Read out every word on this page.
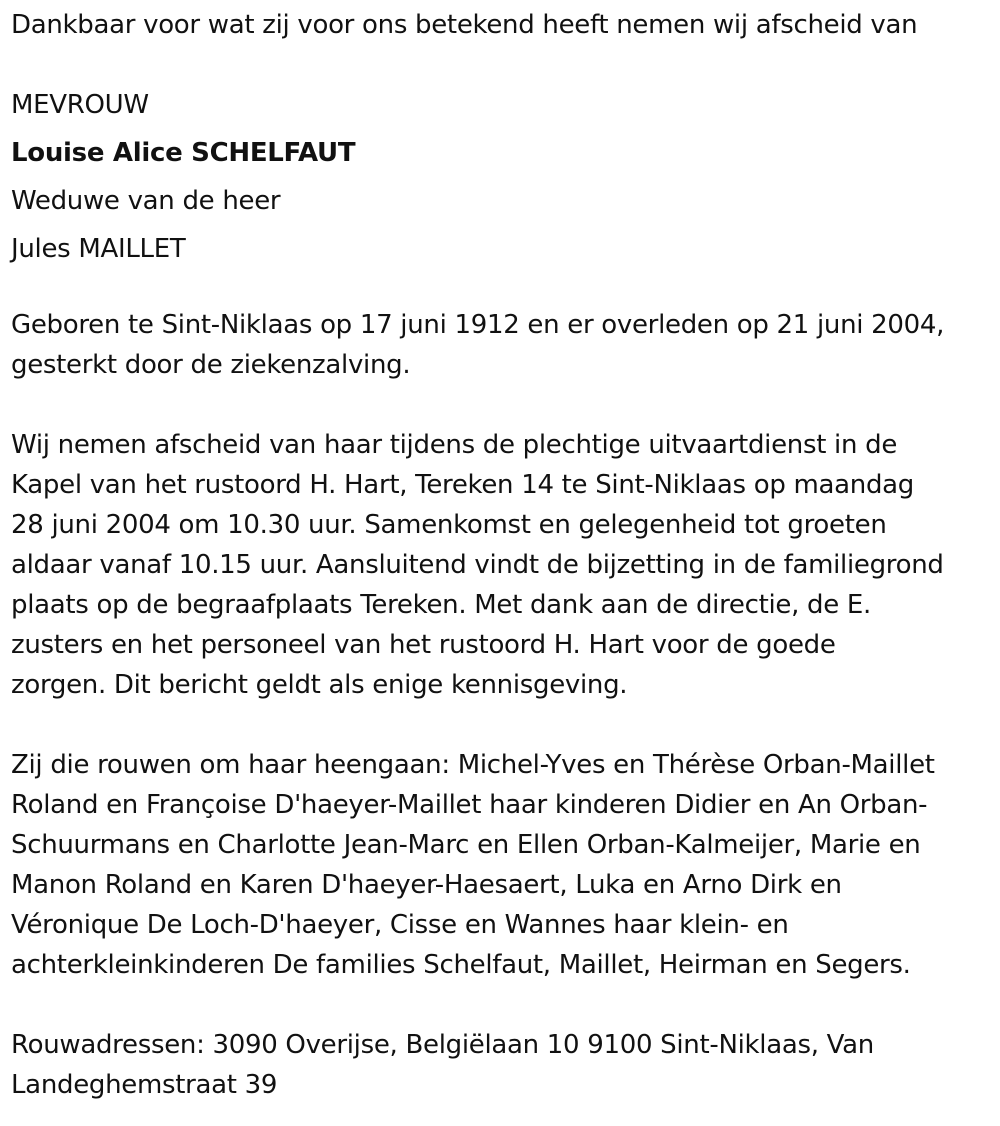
Dankbaar voor wat zij voor ons betekend heeft nemen wij afscheid van
MEVROUW
Louise Alice SCHELFAUT
Weduwe van de heer
Jules MAILLET
Geboren te Sint-Niklaas op 17 juni 1912 en er overleden op 21 juni 2004,
gesterkt door de ziekenzalving.
Wij nemen afscheid van haar tijdens de plechtige uitvaartdienst in de
Kapel van het rustoord H. Hart, Tereken 14 te Sint-Niklaas op maandag
28 juni 2004 om 10.30 uur. Samenkomst en gelegenheid tot groeten
aldaar vanaf 10.15 uur. Aansluitend vindt de bijzetting in de familiegrond
plaats op de begraafplaats Tereken. Met dank aan de directie, de E.
zusters en het personeel van het rustoord H. Hart voor de goede
zorgen. Dit bericht geldt als enige kennisgeving.
Zij die rouwen om haar heengaan: Michel-Yves en Thérèse Orban-Maillet
Roland en Françoise D'haeyer-Maillet haar kinderen Didier en An Orban-
Schuurmans en Charlotte Jean-Marc en Ellen Orban-Kalmeijer, Marie en
Manon Roland en Karen D'haeyer-Haesaert, Luka en Arno Dirk en
Véronique De Loch-D'haeyer, Cisse en Wannes haar klein- en
achterkleinkinderen De families Schelfaut, Maillet, Heirman en Segers.
Rouwadressen: 3090 Overijse, Belgiëlaan 10 9100 Sint-Niklaas, Van
Landeghemstraat 39
